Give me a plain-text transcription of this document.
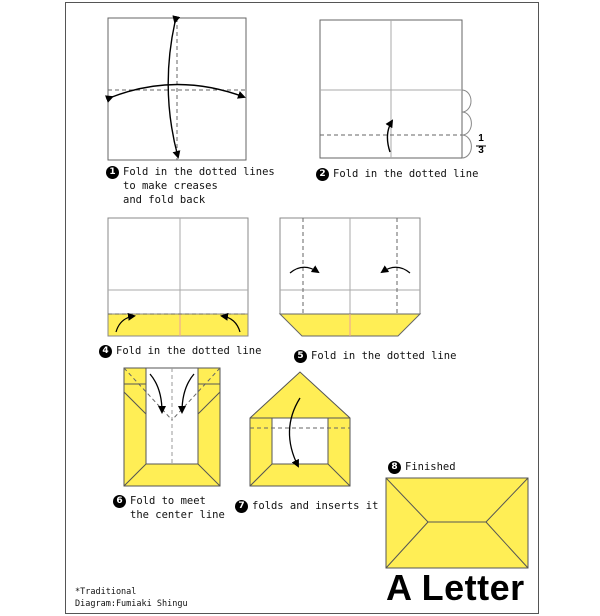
1
3
1 Fold in the dotted lines
to make creases
and fold back
2 Fold in the dotted line
4 Fold in the dotted line	5 Fold in the dotted line
6 Fold to meet
the center line
7 folds and inserts it
8 Finished
*Traditional
Diagram:Fumiaki Shingu	A Letter
